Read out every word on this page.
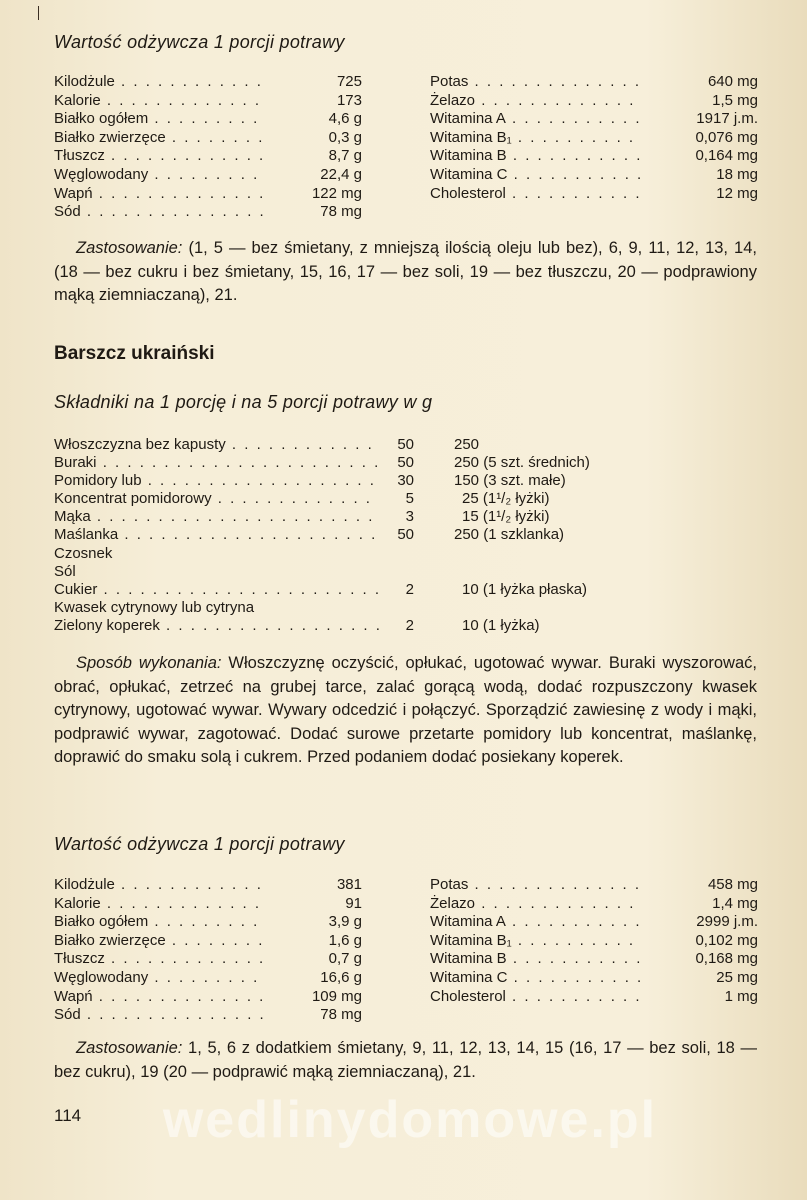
Wartość odżywcza 1 porcji potrawy
Kilodżule . . .	725
Kalorie . . .	173
Białko ogółem . . .	4,6 g
Białko zwierzęce . . .	0,3 g
Tłuszcz . . .	8,7 g
Węglowodany . . .	22,4 g
Wapń . . .	122 mg
Sód . . .	78 mg
Potas . . .	640 mg
Żelazo . . .	1,5 mg
Witamina A . . .	1917 j.m.
Witamina B₁ . . .	0,076 mg
Witamina B . . .	0,164 mg
Witamina C . . .	18 mg
Cholesterol . . .	12 mg
Zastosowanie: (1, 5 — bez śmietany, z mniejszą ilością oleju lub bez), 6, 9, 11, 12, 13, 14, (18 — bez cukru i bez śmietany, 15, 16, 17 — bez soli, 19 — bez tłuszczu, 20 — podprawiony mąką ziemniaczaną), 21.
Barszcz ukraiński
Składniki na 1 porcję i na 5 porcji potrawy w g
Włoszczyzna bez kapusty . . .	50	250
Buraki . . .	50	250 (5 szt. średnich)
Pomidory lub . . .	30	150 (3 szt. małe)
Koncentrat pomidorowy . . .	5	25 (1¹/₂ łyżki)
Mąka . . .	3	15 (1¹/₂ łyżki)
Maślanka . . .	50	250 (1 szklanka)
Czosnek
Sól
Cukier . . .	2	10 (1 łyżka płaska)
Kwasek cytrynowy lub cytryna
Zielony koperek . . .	2	10 (1 łyżka)
Sposób wykonania: Włoszczyznę oczyścić, opłukać, ugotować wywar. Buraki wyszorować, obrać, opłukać, zetrzeć na grubej tarce, zalać gorącą wodą, dodać rozpuszczony kwasek cytrynowy, ugotować wywar. Wywary odcedzić i połączyć. Sporządzić zawiesinę z wody i mąki, podprawić wywar, zagotować. Dodać surowe przetarte pomidory lub koncentrat, maślankę, doprawić do smaku solą i cukrem. Przed podaniem dodać posiekany koperek.
Wartość odżywcza 1 porcji potrawy
Kilodżule . . .	381
Kalorie . . .	91
Białko ogółem . . .	3,9 g
Białko zwierzęce . . .	1,6 g
Tłuszcz . . .	0,7 g
Węglowodany . . .	16,6 g
Wapń . . .	109 mg
Sód . . .	78 mg
Potas . . .	458 mg
Żelazo . . .	1,4 mg
Witamina A . . .	2999 j.m.
Witamina B₁ . . .	0,102 mg
Witamina B . . .	0,168 mg
Witamina C . . .	25 mg
Cholesterol . . .	1 mg
Zastosowanie: 1, 5, 6 z dodatkiem śmietany, 9, 11, 12, 13, 14, 15 (16, 17 — bez soli, 18 — bez cukru), 19 (20 — podprawić mąką ziemniaczaną), 21.
wedlinydomowe.pl
114
